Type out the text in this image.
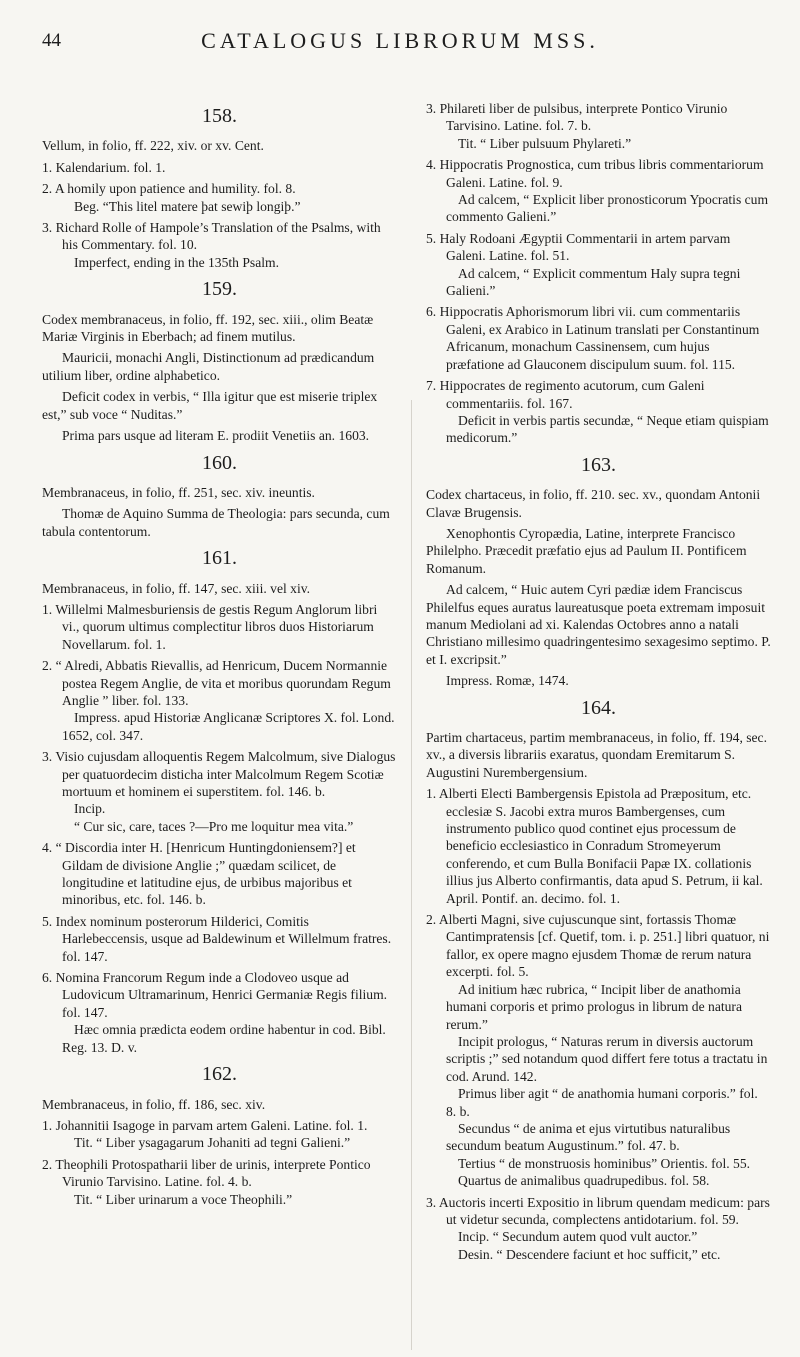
44	CATALOGUS LIBRORUM MSS.
158.
Vellum, in folio, ff. 222, xiv. or xv. Cent.

1. Kalendarium. fol. 1.

2. A homily upon patience and humility. fol. 8.

Beg. “This litel matere þat sewiþ longiþ.”

3. Richard Rolle of Hampole’s Translation of the Psalms, with his Commentary. fol. 10.

Imperfect, ending in the 135th Psalm.

159.
Codex membranaceus, in folio, ff. 192, sec. xiii., olim Beatæ Mariæ Virginis in Eberbach; ad finem mutilus.

Mauricii, monachi Angli, Distinctionum ad prædicandum utilium liber, ordine alphabetico.

Deficit codex in verbis, “ Illa igitur que est miserie triplex est,” sub voce “ Nuditas.”

Prima pars usque ad literam E. prodiit Venetiis an. 1603.

160.
Membranaceus, in folio, ff. 251, sec. xiv. ineuntis.

Thomæ de Aquino Summa de Theologia: pars secunda, cum tabula contentorum.

161.
Membranaceus, in folio, ff. 147, sec. xiii. vel xiv.

1. Willelmi Malmesburiensis de gestis Regum Anglorum libri vi., quorum ultimus complectitur libros duos Historiarum Novellarum. fol. 1.

2. “ Alredi, Abbatis Rievallis, ad Henricum, Ducem Normannie postea Regem Anglie, de vita et moribus quorundam Regum Anglie ” liber. fol. 133.

Impress. apud Historiæ Anglicanæ Scriptores X. fol. Lond. 1652, col. 347.

3. Visio cujusdam alloquentis Regem Malcolmum, sive Dialogus per quatuordecim disticha inter Malcolmum Regem Scotiæ mortuum et hominem ei superstitem. fol. 146. b.

Incip.

“ Cur sic, care, taces ?—Pro me loquitur mea vita.”

4. “ Discordia inter H. [Henricum Huntingdoniensem?] et Gildam de divisione Anglie ;” quædam scilicet, de longitudine et latitudine ejus, de urbibus majoribus et minoribus, etc. fol. 146. b.

5. Index nominum posterorum Hilderici, Comitis Harlebeccensis, usque ad Baldewinum et Willelmum fratres. fol. 147.

6. Nomina Francorum Regum inde a Clodoveo usque ad Ludovicum Ultramarinum, Henrici Germaniæ Regis filium. fol. 147.

Hæc omnia prædicta eodem ordine habentur in cod. Bibl. Reg. 13. D. v.

162.
Membranaceus, in folio, ff. 186, sec. xiv.

1. Johannitii Isagoge in parvam artem Galeni. Latine. fol. 1.

Tit. “ Liber ysagagarum Johaniti ad tegni Galieni.”

2. Theophili Protospatharii liber de urinis, interprete Pontico Virunio Tarvisino. Latine. fol. 4. b.

Tit. “ Liber urinarum a voce Theophili.”

3. Philareti liber de pulsibus, interprete Pontico Virunio Tarvisino. Latine. fol. 7. b.

Tit. “ Liber pulsuum Phylareti.”

4. Hippocratis Prognostica, cum tribus libris commentariorum Galeni. Latine. fol. 9.

Ad calcem, “ Explicit liber pronosticorum Ypocratis cum commento Galieni.”

5. Haly Rodoani Ægyptii Commentarii in artem parvam Galeni. Latine. fol. 51.

Ad calcem, “ Explicit commentum Haly supra tegni Galieni.”

6. Hippocratis Aphorismorum libri vii. cum commentariis Galeni, ex Arabico in Latinum translati per Constantinum Africanum, monachum Cassinensem, cum hujus præfatione ad Glauconem discipulum suum. fol. 115.

7. Hippocrates de regimento acutorum, cum Galeni commentariis. fol. 167.

Deficit in verbis partis secundæ, “ Neque etiam quispiam medicorum.”

163.
Codex chartaceus, in folio, ff. 210. sec. xv., quondam Antonii Clavæ Brugensis.

Xenophontis Cyropædia, Latine, interprete Francisco Philelpho. Præcedit præfatio ejus ad Paulum II. Pontificem Romanum.

Ad calcem, “ Huic autem Cyri pædiæ idem Franciscus Philelfus eques auratus laureatusque poeta extremam imposuit manum Mediolani ad xi. Kalendas Octobres anno a natali Christiano millesimo quadringentesimo sexagesimo septimo. P. et I. excripsit.”

Impress. Romæ, 1474.

164.
Partim chartaceus, partim membranaceus, in folio, ff. 194, sec. xv., a diversis librariis exaratus, quondam Eremitarum S. Augustini Nurembergensium.

1. Alberti Electi Bambergensis Epistola ad Præpositum, etc. ecclesiæ S. Jacobi extra muros Bambergenses, cum instrumento publico quod continet ejus processum de beneficio ecclesiastico in Conradum Stromeyerum conferendo, et cum Bulla Bonifacii Papæ IX. collationis illius jus Alberto confirmantis, data apud S. Petrum, ii kal. April. Pontif. an. decimo. fol. 1.

2. Alberti Magni, sive cujuscunque sint, fortassis Thomæ Cantimpratensis [cf. Quetif, tom. i. p. 251.] libri quatuor, ni fallor, ex opere magno ejusdem Thomæ de rerum natura excerpti. fol. 5.

Ad initium hæc rubrica, “ Incipit liber de anathomia humani corporis et primo prologus in librum de natura rerum.”

Incipit prologus, “ Naturas rerum in diversis auctorum scriptis ;” sed notandum quod differt fere totus a tractatu in cod. Arund. 142.

Primus liber agit “ de anathomia humani corporis.” fol. 8. b.

Secundus “ de anima et ejus virtutibus naturalibus secundum beatum Augustinum.” fol. 47. b.

Tertius “ de monstruosis hominibus” Orientis. fol. 55.

Quartus de animalibus quadrupedibus. fol. 58.

3. Auctoris incerti Expositio in librum quendam medicum: pars ut videtur secunda, complectens antidotarium. fol. 59.

Incip. “ Secundum autem quod vult auctor.”

Desin. “ Descendere faciunt et hoc sufficit,” etc.
